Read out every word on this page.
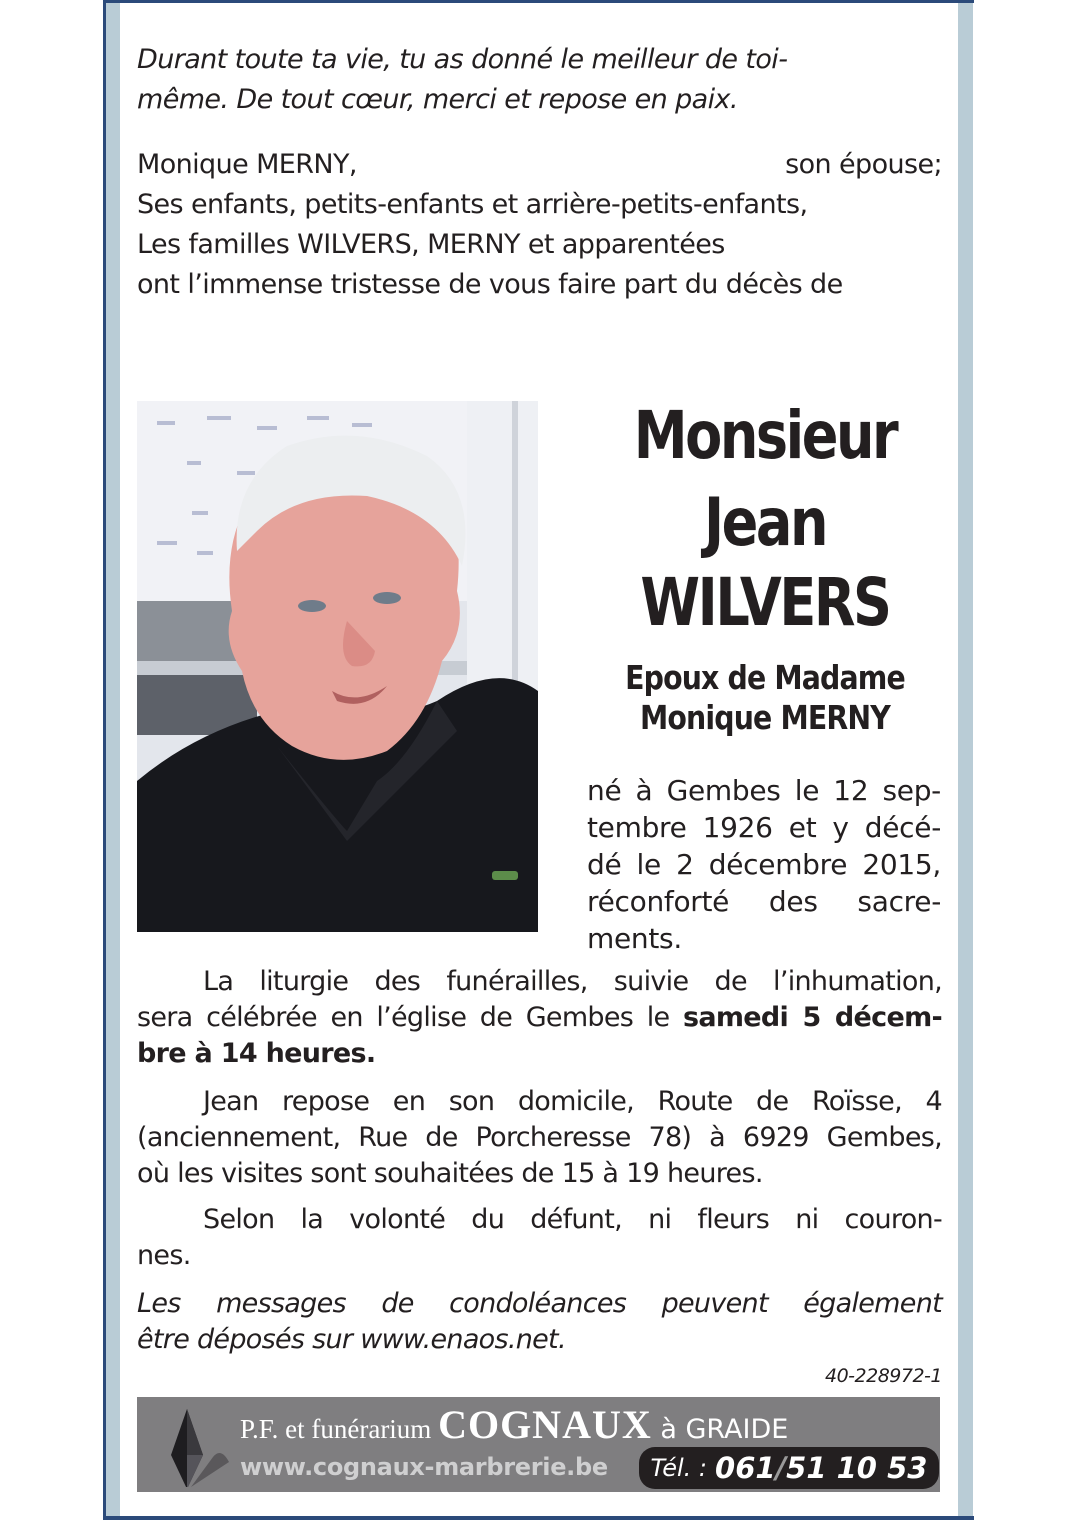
Durant toute ta vie, tu as donné le meilleur de toi-
même. De tout cœur, merci et repose en paix.
Monique MERNY,	son épouse;
Ses enfants, petits-enfants et arrière-petits-enfants,
Les familles WILVERS, MERNY et apparentées
ont l’immense tristesse de vous faire part du décès de
Monsieur
Jean
WILVERS
Epoux de Madame
Monique MERNY
né à Gembes le 12 sep-
tembre 1926 et y décé-
dé le 2 décembre 2015,
réconforté des sacre-
ments.
La liturgie des funérailles, suivie de l’inhumation,
sera célébrée en l’église de Gembes le samedi 5 décem-
bre à 14 heures.
Jean repose en son domicile, Route de Roïsse, 4
(anciennement, Rue de Porcheresse 78) à 6929 Gembes,
où les visites sont souhaitées de 15 à 19 heures.
Selon la volonté du défunt, ni fleurs ni couron-
nes.
Les messages de condoléances peuvent également
être déposés sur www.enaos.net.
40-228972-1
P.F. et funérarium COGNAUX à GRAIDE
www.cognaux-marbrerie.be Tél. : 061/51 10 53
